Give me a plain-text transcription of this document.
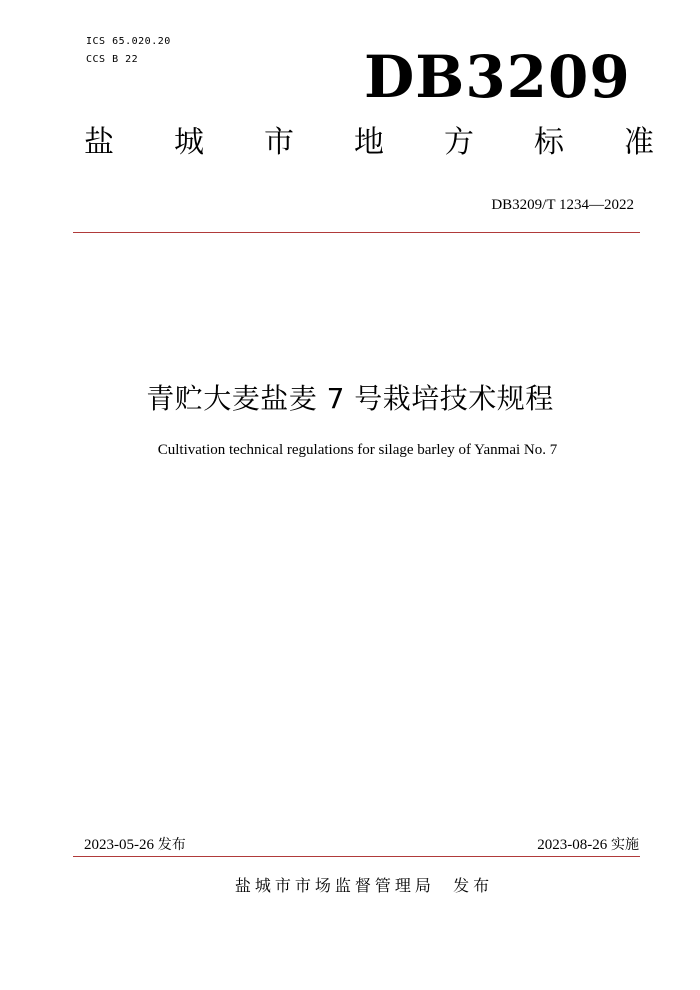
ICS 65.020.20
CCS B 22	DB3209
盐 城 市 地 方 标 准
DB3209/T 1234—2022
青贮大麦盐麦 7 号栽培技术规程
Cultivation technical regulations for silage barley of Yanmai No. 7
2023-05-26 发布	2023-08-26 实施
盐城市市场监督管理局  发布
